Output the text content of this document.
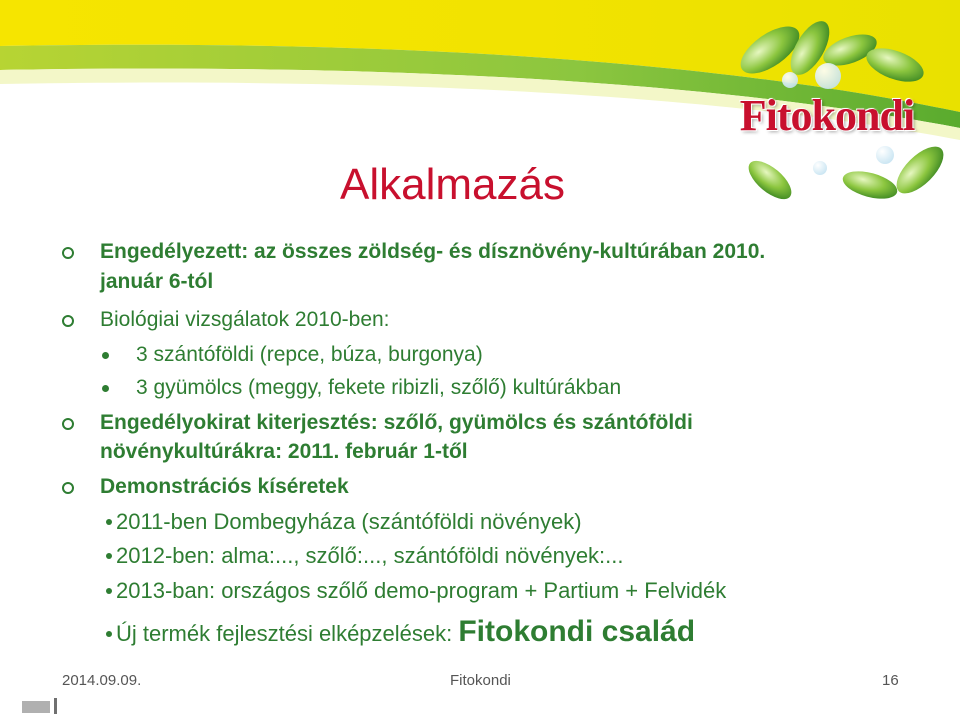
Fitokondi
Alkalmazás
Engedélyezett: az összes zöldség- és dísznövény-kultúrában 2010.
január 6-tól
Biológiai vizsgálatok 2010-ben:
3 szántóföldi (repce, búza, burgonya)
3 gyümölcs (meggy, fekete ribizli, szőlő) kultúrákban
Engedélyokirat kiterjesztés: szőlő, gyümölcs és szántóföldi
növénykultúrákra: 2011. február 1-től
Demonstrációs kíséretek
2011-ben Dombegyháza (szántóföldi növények)
2012-ben: alma:..., szőlő:..., szántóföldi növények:...
2013-ban: országos szőlő demo-program + Partium + Felvidék
Új termék fejlesztési elképzelések: Fitokondi család
2014.09.09.	Fitokondi	16
